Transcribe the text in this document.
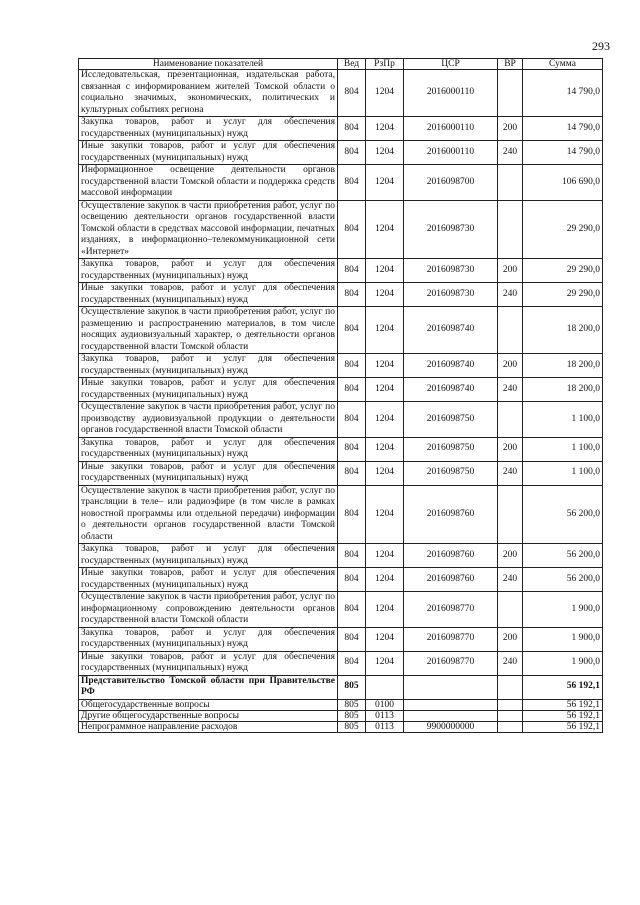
293
Наименование показателей	Вед	РзПр	ЦСР	ВР	Сумма
Исследовательская, презентационная, издательская работа, связанная с информированием жителей Томской области о социально значимых, экономических, политических и культурных событиях региона	804	1204	2016000110		14 790,0
Закупка товаров, работ и услуг для обеспечения государственных (муниципальных) нужд	804	1204	2016000110	200	14 790,0
Иные закупки товаров, работ и услуг для обеспечения государственных (муниципальных) нужд	804	1204	2016000110	240	14 790,0
Информационное освещение деятельности органов государственной власти Томской области и поддержка средств массовой информации	804	1204	2016098700		106 690,0
Осуществление закупок в части приобретения работ, услуг по освещению деятельности органов государственной власти Томской области в средствах массовой информации, печатных изданиях, в информационно–телекоммуникационной сети «Интернет»	804	1204	2016098730		29 290,0
Закупка товаров, работ и услуг для обеспечения государственных (муниципальных) нужд	804	1204	2016098730	200	29 290,0
Иные закупки товаров, работ и услуг для обеспечения государственных (муниципальных) нужд	804	1204	2016098730	240	29 290,0
Осуществление закупок в части приобретения работ, услуг по размещению и распространению материалов, в том числе носящих аудиовизуальный характер, о деятельности органов государственной власти Томской области	804	1204	2016098740		18 200,0
Закупка товаров, работ и услуг для обеспечения государственных (муниципальных) нужд	804	1204	2016098740	200	18 200,0
Иные закупки товаров, работ и услуг для обеспечения государственных (муниципальных) нужд	804	1204	2016098740	240	18 200,0
Осуществление закупок в части приобретения работ, услуг по производству аудиовизуальной продукции о деятельности органов государственной власти Томской области	804	1204	2016098750		1 100,0
Закупка товаров, работ и услуг для обеспечения государственных (муниципальных) нужд	804	1204	2016098750	200	1 100,0
Иные закупки товаров, работ и услуг для обеспечения государственных (муниципальных) нужд	804	1204	2016098750	240	1 100,0
Осуществление закупок в части приобретения работ, услуг по трансляции в теле– или радиоэфире (в том числе в рамках новостной программы или отдельной передачи) информации о деятельности органов государственной власти Томской области	804	1204	2016098760		56 200,0
Закупка товаров, работ и услуг для обеспечения государственных (муниципальных) нужд	804	1204	2016098760	200	56 200,0
Иные закупки товаров, работ и услуг для обеспечения государственных (муниципальных) нужд	804	1204	2016098760	240	56 200,0
Осуществление закупок в части приобретения работ, услуг по информационному сопровождению деятельности органов государственной власти Томской области	804	1204	2016098770		1 900,0
Закупка товаров, работ и услуг для обеспечения государственных (муниципальных) нужд	804	1204	2016098770	200	1 900,0
Иные закупки товаров, работ и услуг для обеспечения государственных (муниципальных) нужд	804	1204	2016098770	240	1 900,0
Представительство Томской области при Правительстве РФ	805				56 192,1
Общегосударственные вопросы	805	0100			56 192,1
Другие общегосударственные вопросы	805	0113			56 192,1
Непрограммное направление расходов	805	0113	9900000000		56 192,1
